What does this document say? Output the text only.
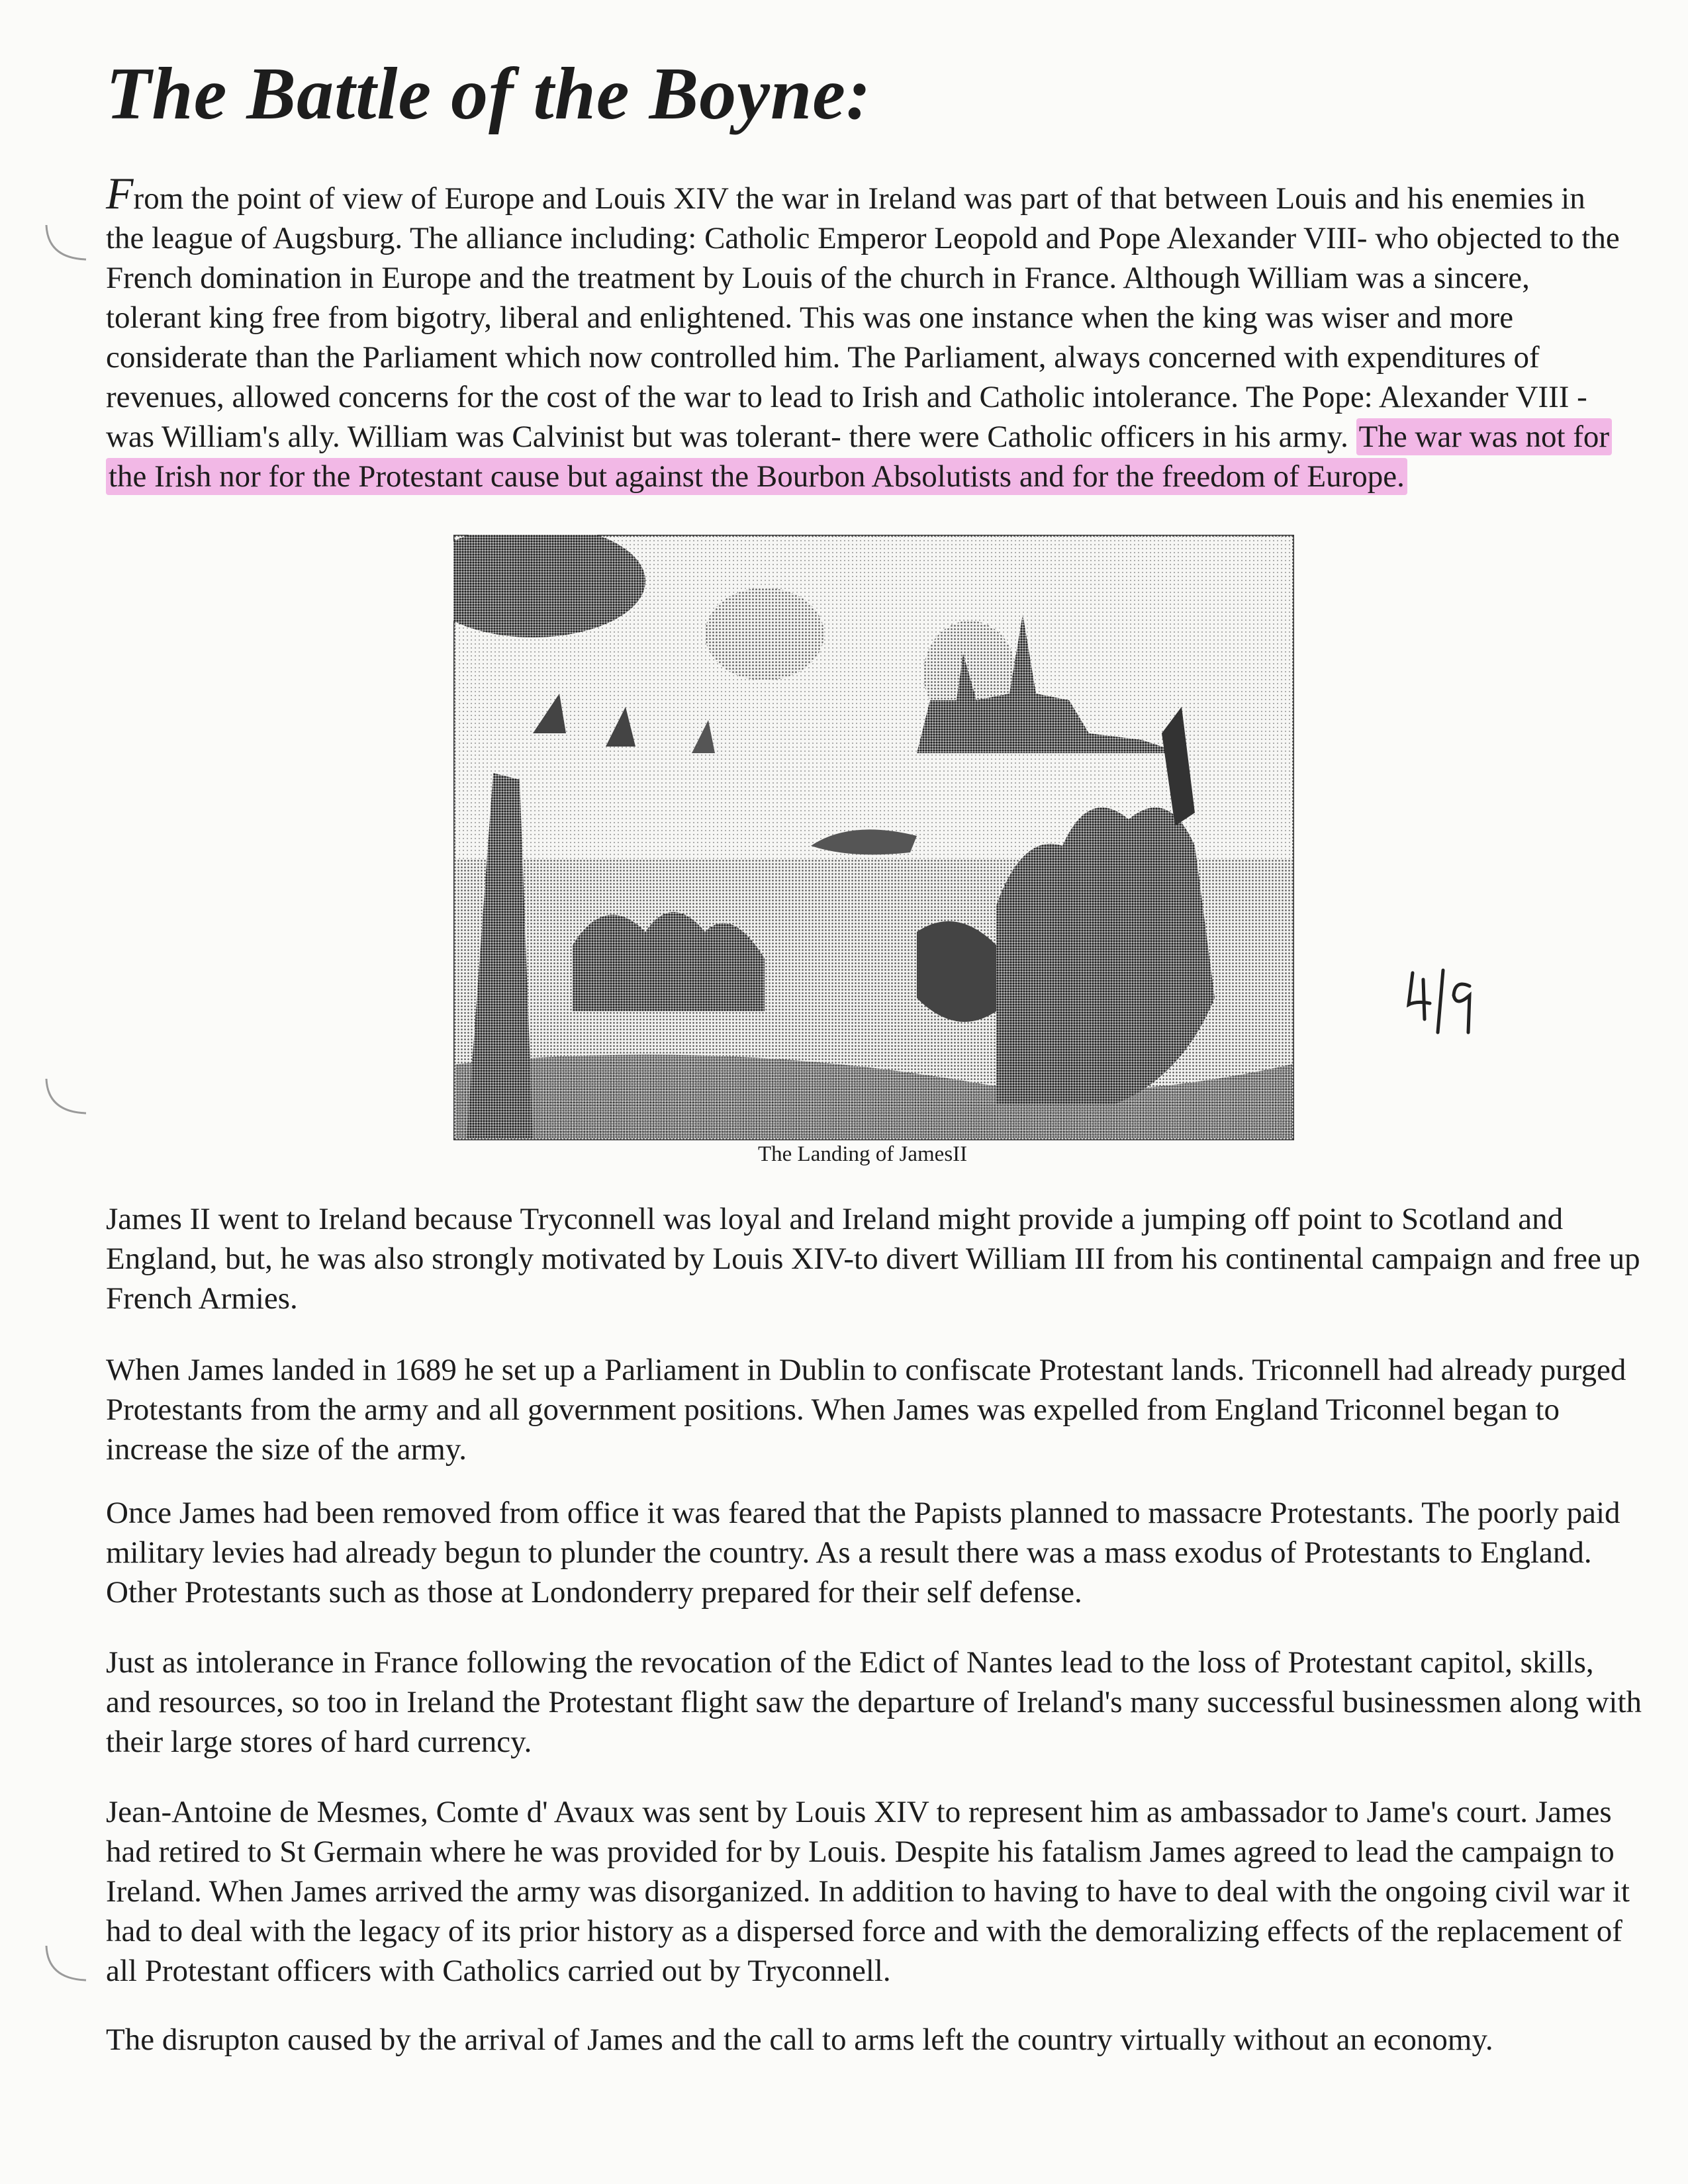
The Battle of the Boyne:

From the point of view of Europe and Louis XIV the war in Ireland was part of that between Louis and his enemies in the league of Augsburg. The alliance including: Catholic Emperor Leopold and Pope Alexander VIII- who objected to the French domination in Europe and the treatment by Louis of the church in France. Although William was a sincere, tolerant king free from bigotry, liberal and enlightened. This was one instance when the king was wiser and more considerate than the Parliament which now controlled him. The Parliament, always concerned with expenditures of revenues, allowed concerns for the cost of the war to lead to Irish and Catholic intolerance. The Pope: Alexander VIII -was William's ally. William was Calvinist but was tolerant- there were Catholic officers in his army. The war was not for the Irish nor for the Protestant cause but against the Bourbon Absolutists and for the freedom of Europe.

The Landing of JamesII

James II went to Ireland because Tryconnell was loyal and Ireland might provide a jumping off point to Scotland and England, but, he was also strongly motivated by Louis XIV-to divert William III from his continental campaign and free up French Armies.

When James landed in 1689 he set up a Parliament in Dublin to confiscate Protestant lands. Triconnell had already purged Protestants from the army and all government positions. When James was expelled from England Triconnel began to increase the size of the army.

Once James had been removed from office it was feared that the Papists planned to massacre Protestants. The poorly paid military levies had already begun to plunder the country. As a result there was a mass exodus of Protestants to England. Other Protestants such as those at Londonderry prepared for their self defense.

Just as intolerance in France following the revocation of the Edict of Nantes lead to the loss of Protestant capitol, skills, and resources, so too in Ireland the Protestant flight saw the departure of Ireland's many successful businessmen along with their large stores of hard currency.

Jean-Antoine de Mesmes, Comte d' Avaux was sent by Louis XIV to represent him as ambassador to Jame's court. James had retired to St Germain where he was provided for by Louis. Despite his fatalism James agreed to lead the campaign to Ireland. When James arrived the army was disorganized. In addition to having to have to deal with the ongoing civil war it had to deal with the legacy of its prior history as a dispersed force and with the demoralizing effects of the replacement of all Protestant officers with Catholics carried out by Tryconnell.

The disrupton caused by the arrival of James and the call to arms left the country virtually without an economy.
